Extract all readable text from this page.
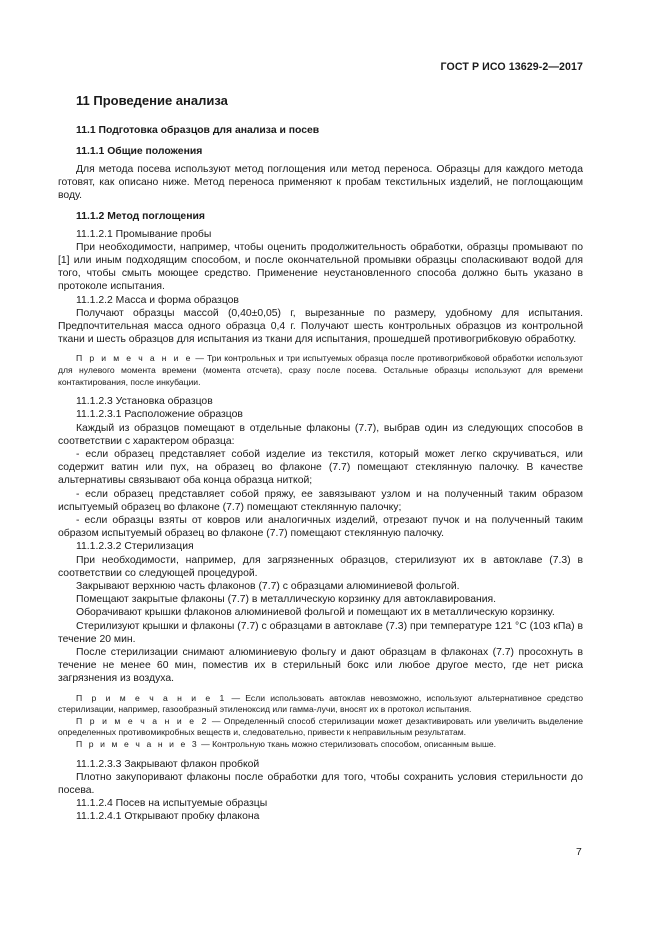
ГОСТ Р ИСО 13629-2—2017
11 Проведение анализа
11.1 Подготовка образцов для анализа и посев
11.1.1 Общие положения

Для метода посева используют метод поглощения или метод переноса. Образцы для каждого метода готовят, как описано ниже. Метод переноса применяют к пробам текстильных изделий, не поглощающим воду.

11.1.2 Метод поглощения

11.1.2.1 Промывание пробы

При необходимости, например, чтобы оценить продолжительность обработки, образцы промывают по [1] или иным подходящим способом, и после окончательной промывки образцы споласкивают водой для того, чтобы смыть моющее средство. Применение неустановленного способа должно быть указано в протоколе испытания.

11.1.2.2 Масса и форма образцов

Получают образцы массой (0,40±0,05) г, вырезанные по размеру, удобному для испытания. Предпочтительная масса одного образца 0,4 г. Получают шесть контрольных образцов из контрольной ткани и шесть образцов для испытания из ткани для испытания, прошедшей противогрибковую обработку.

П р и м е ч а н и е — Три контрольных и три испытуемых образца после противогрибковой обработки используют для нулевого момента времени (момента отсчета), сразу после посева. Остальные образцы используют для времени контактирования, после инкубации.

11.1.2.3 Установка образцов

11.1.2.3.1 Расположение образцов

Каждый из образцов помещают в отдельные флаконы (7.7), выбрав один из следующих способов в соответствии с характером образца:

- если образец представляет собой изделие из текстиля, который может легко скручиваться, или содержит ватин или пух, на образец во флаконе (7.7) помещают стеклянную палочку. В качестве альтернативы связывают оба конца образца ниткой;

- если образец представляет собой пряжу, ее завязывают узлом и на полученный таким образом испытуемый образец во флаконе (7.7) помещают стеклянную палочку;

- если образцы взяты от ковров или аналогичных изделий, отрезают пучок и на полученный таким образом испытуемый образец во флаконе (7.7) помещают стеклянную палочку.

11.1.2.3.2 Стерилизация

При необходимости, например, для загрязненных образцов, стерилизуют их в автоклаве (7.3) в соответствии со следующей процедурой.

Закрывают верхнюю часть флаконов (7.7) с образцами алюминиевой фольгой.

Помещают закрытые флаконы (7.7) в металлическую корзинку для автоклавирования.

Оборачивают крышки флаконов алюминиевой фольгой и помещают их в металлическую корзинку.

Стерилизуют крышки и флаконы (7.7) с образцами в автоклаве (7.3) при температуре 121 °С (103 кПа) в течение 20 мин.

После стерилизации снимают алюминиевую фольгу и дают образцам в флаконах (7.7) просохнуть в течение не менее 60 мин, поместив их в стерильный бокс или любое другое место, где нет риска загрязнения из воздуха.

П р и м е ч а н и е 1 — Если использовать автоклав невозможно, используют альтернативное средство стерилизации, например, газообразный этиленоксид или гамма-лучи, вносят их в протокол испытания.

П р и м е ч а н и е 2 — Определенный способ стерилизации может дезактивировать или увеличить выделение определенных противомикробных веществ и, следовательно, привести к неправильным результатам.

П р и м е ч а н и е 3 — Контрольную ткань можно стерилизовать способом, описанным выше.

11.1.2.3.3 Закрывают флакон пробкой

Плотно закупоривают флаконы после обработки для того, чтобы сохранить условия стерильности до посева.

11.1.2.4 Посев на испытуемые образцы

11.1.2.4.1 Открывают пробку флакона

7
